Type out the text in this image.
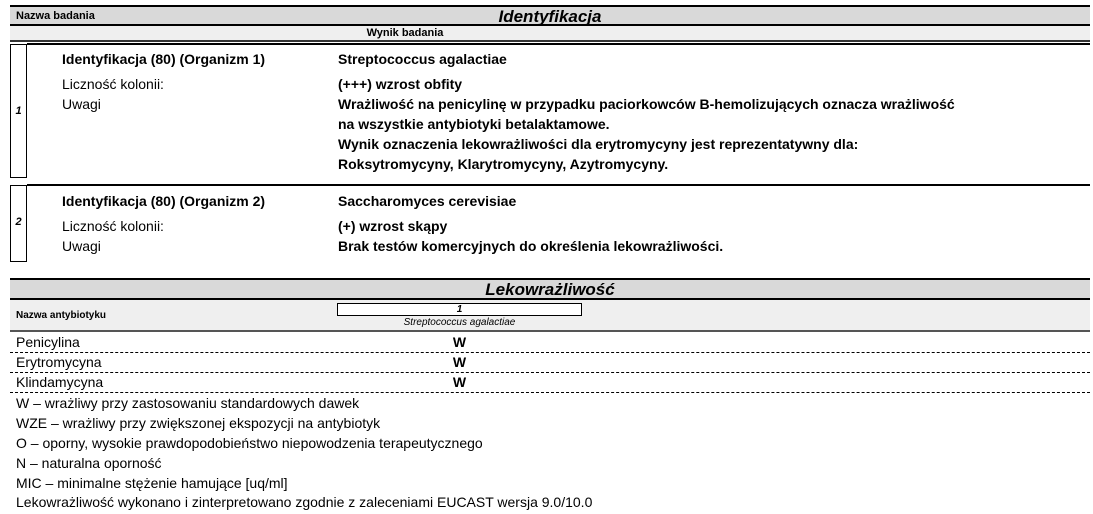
Nazwa badania	Identyfikacja
Wynik badania
1
Identyfikacja (80) (Organizm 1)	Streptococcus agalactiae
Liczność kolonii:	(+++) wzrost obfity
Uwagi	Wrażliwość na penicylinę w przypadku paciorkowców B-hemolizujących oznacza wrażliwość
na wszystkie antybiotyki betalaktamowe.
Wynik oznaczenia lekowrażliwości dla erytromycyny jest reprezentatywny dla:
Roksytromycyny, Klarytromycyny, Azytromycyny.
2
Identyfikacja (80) (Organizm 2)	Saccharomyces cerevisiae
Liczność kolonii:	(+) wzrost skąpy
Uwagi	Brak testów komercyjnych do określenia lekowrażliwości.
Lekowrażliwość
Nazwa antybiotyku
1
Streptococcus agalactiae
Penicylina	W
Erytromycyna	W
Klindamycyna	W
W – wrażliwy przy zastosowaniu standardowych dawek
WZE – wrażliwy przy zwiększonej ekspozycji na antybiotyk
O – oporny, wysokie prawdopodobieństwo niepowodzenia terapeutycznego
N – naturalna oporność
MIC – minimalne stężenie hamujące [uq/ml]
Lekowrażliwość wykonano i zinterpretowano zgodnie z zaleceniami EUCAST wersja 9.0/10.0
